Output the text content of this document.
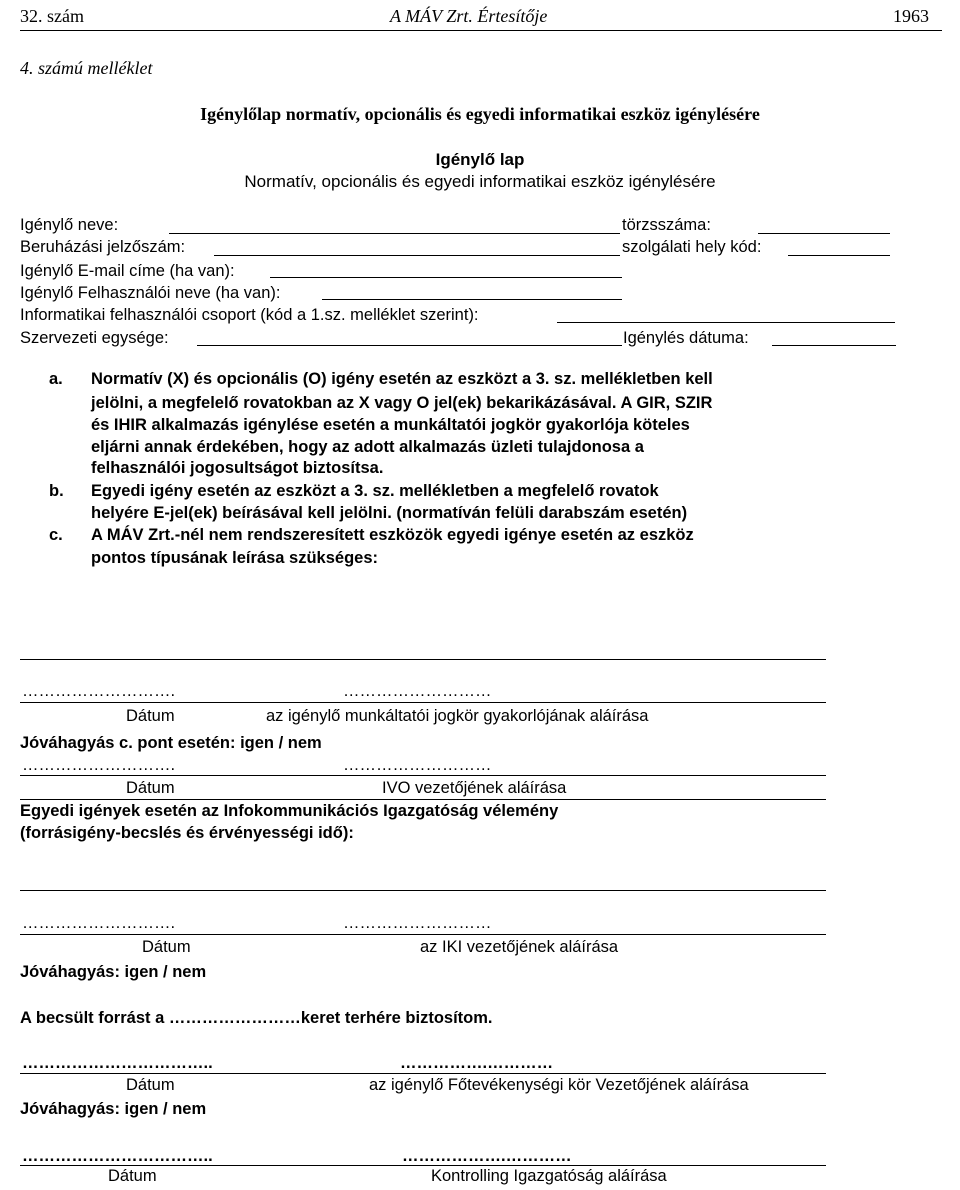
32. szám	A MÁV Zrt. Értesítője	1963
4. számú melléklet
Igénylőlap normatív, opcionális és egyedi informatikai eszköz igénylésére
Igénylő lap
Normatív, opcionális és egyedi informatikai eszköz igénylésére
Igénylő neve:	törzsszáma:
Beruházási jelzőszám:	szolgálati hely kód:
Igénylő E-mail címe (ha van):
Igénylő Felhasználói neve (ha van):
Informatikai felhasználói csoport (kód a 1.sz. melléklet szerint):
Szervezeti egysége:	Igénylés dátuma:
a. Normatív (X) és opcionális (O) igény esetén az eszközt a 3. sz. mellékletben kell
jelölni, a megfelelő rovatokban az X vagy O jel(ek) bekarikázásával. A GIR, SZIR
és IHIR alkalmazás igénylése esetén a munkáltatói jogkör gyakorlója köteles
eljárni annak érdekében, hogy az adott alkalmazás üzleti tulajdonosa a
felhasználói jogosultságot biztosítsa.
b. Egyedi igény esetén az eszközt a 3. sz. mellékletben a megfelelő rovatok
helyére E-jel(ek) beírásával kell jelölni. (normatíván felüli darabszám esetén)
c. A MÁV Zrt.-nél nem rendszeresített eszközök egyedi igénye esetén az eszköz
pontos típusának leírása szükséges:
……………………….	………………………
Dátum	az igénylő munkáltatói jogkör gyakorlójának aláírása
Jóváhagyás c. pont esetén: igen / nem
……………………….	………………………
Dátum	IVO vezetőjének aláírása
Egyedi igények esetén az Infokommunikációs Igazgatóság vélemény
(forrásigény-becslés és érvényességi idő):
……………………….	………………………
Dátum	az IKI vezetőjének aláírása
Jóváhagyás: igen / nem
A becsült forrást a ……………………keret terhére biztosítom.
……………………………..	…………….…………
Dátum	az igénylő Főtevékenységi kör Vezetőjének aláírása
Jóváhagyás: igen / nem
……………………………..	……………….…………
Dátum	Kontrolling Igazgatóság aláírása
